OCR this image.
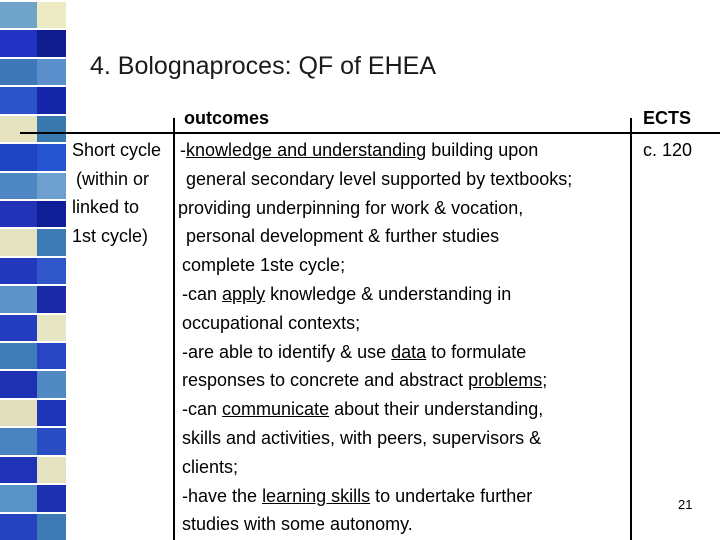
4. Bolognaproces: QF of EHEA
outcomes	ECTS
Short cycle
(within or
linked to
1st cycle)
c. 120
-knowledge and understanding building upon
general secondary level supported by textbooks;
providing underpinning for work & vocation,
personal development & further studies
complete 1ste cycle;
-can apply knowledge & understanding in
occupational contexts;
-are able to identify & use data to formulate
responses to concrete and abstract problems;
-can communicate about their understanding,
skills and activities, with peers, supervisors &
clients;
-have the learning skills to undertake further
studies with some autonomy.
21
